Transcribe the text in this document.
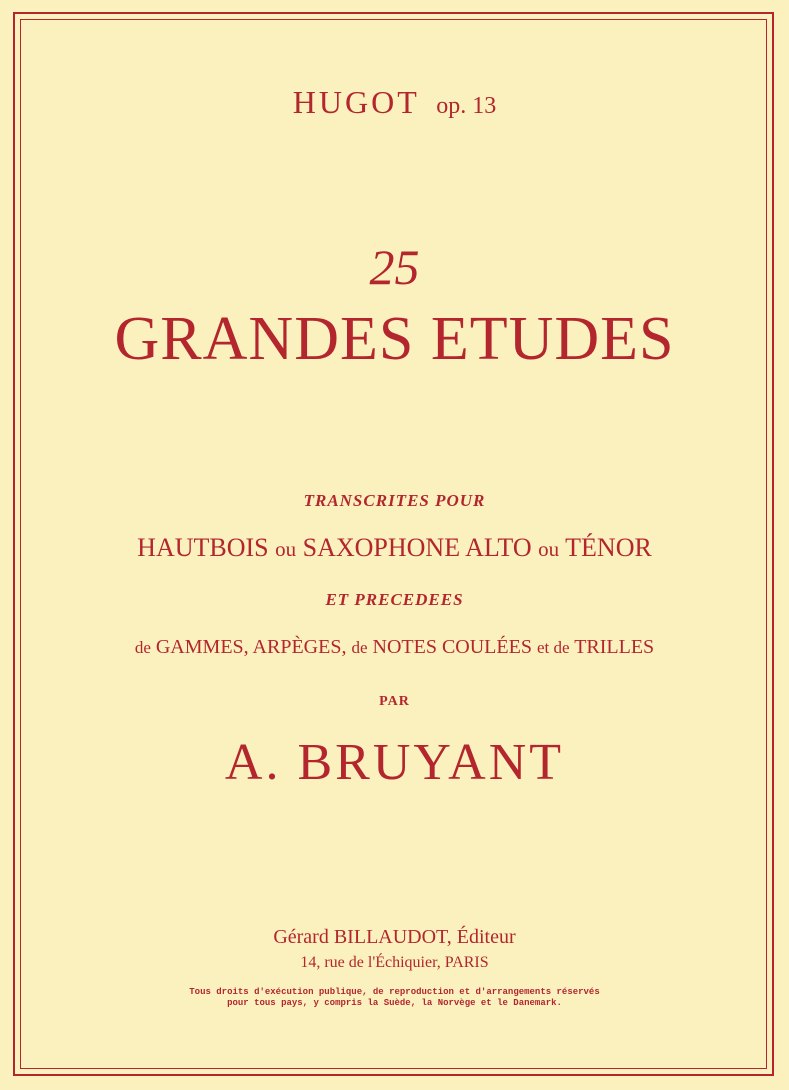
HUGOT op. 13
25
GRANDES ETUDES
TRANSCRITES POUR
HAUTBOIS ou SAXOPHONE ALTO ou TÉNOR
ET PRECEDEES
de GAMMES, ARPÈGES, de NOTES COULÉES et de TRILLES
PAR
A. BRUYANT
Gérard BILLAUDOT, Éditeur
14, rue de l'Échiquier, PARIS
Tous droits d'exécution publique, de reproduction et d'arrangements réservés
pour tous pays, y compris la Suède, la Norvège et le Danemark.
